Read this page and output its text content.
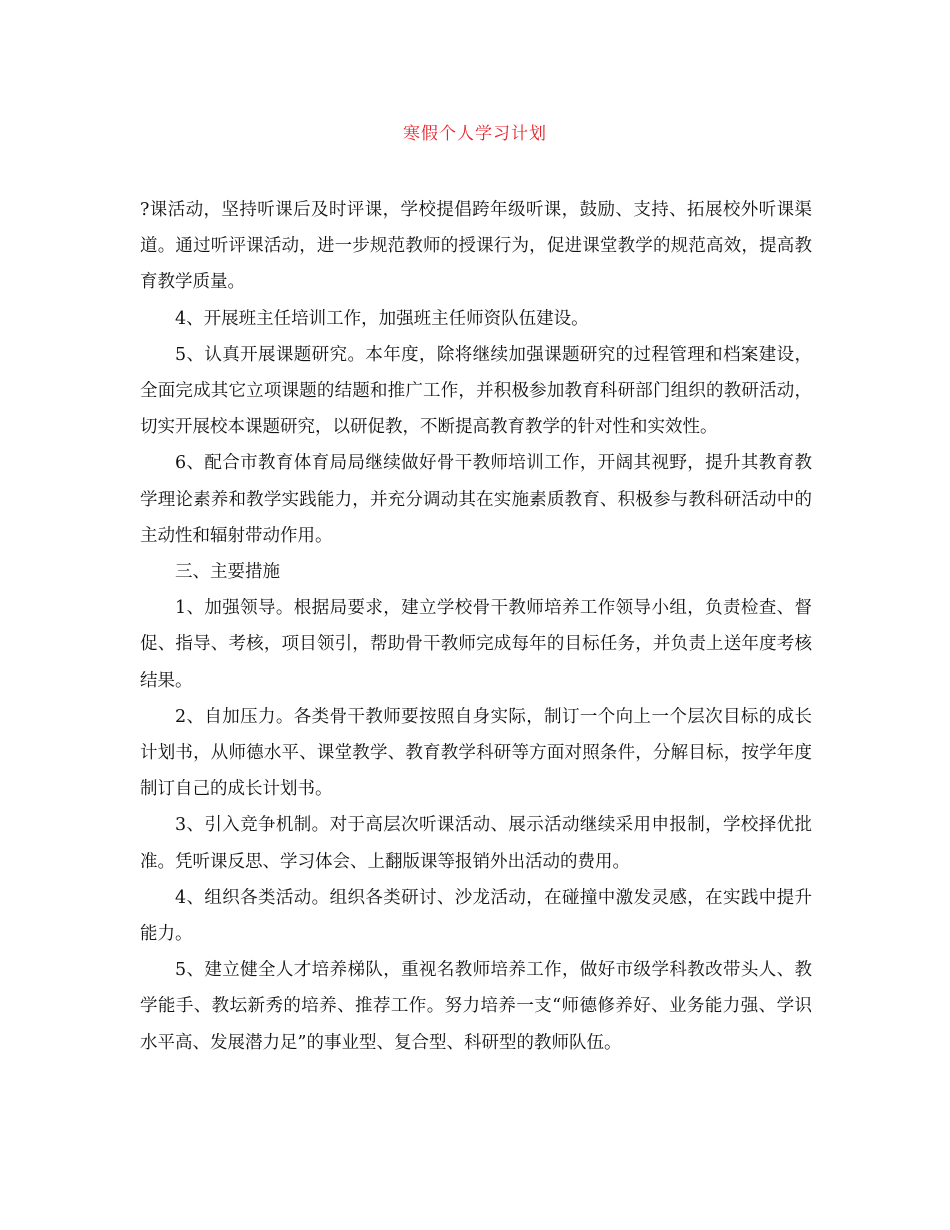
寒假个人学习计划

?课活动，坚持听课后及时评课，学校提倡跨年级听课，鼓励、支持、拓展校外听课渠道。通过听评课活动，进一步规范教师的授课行为，促进课堂教学的规范高效，提高教育教学质量。

4、开展班主任培训工作，加强班主任师资队伍建设。

5、认真开展课题研究。本年度，除将继续加强课题研究的过程管理和档案建设，全面完成其它立项课题的结题和推广工作，并积极参加教育科研部门组织的教研活动，切实开展校本课题研究，以研促教，不断提高教育教学的针对性和实效性。

6、配合市教育体育局局继续做好骨干教师培训工作，开阔其视野，提升其教育教学理论素养和教学实践能力，并充分调动其在实施素质教育、积极参与教科研活动中的主动性和辐射带动作用。

三、主要措施

1、加强领导。根据局要求，建立学校骨干教师培养工作领导小组，负责检查、督促、指导、考核，项目领引，帮助骨干教师完成每年的目标任务，并负责上送年度考核结果。

2、自加压力。各类骨干教师要按照自身实际，制订一个向上一个层次目标的成长计划书，从师德水平、课堂教学、教育教学科研等方面对照条件，分解目标，按学年度制订自己的成长计划书。

3、引入竞争机制。对于高层次听课活动、展示活动继续采用申报制，学校择优批准。凭听课反思、学习体会、上翻版课等报销外出活动的费用。

4、组织各类活动。组织各类研讨、沙龙活动，在碰撞中激发灵感，在实践中提升能力。

5、建立健全人才培养梯队，重视名教师培养工作，做好市级学科教改带头人、教学能手、教坛新秀的培养、推荐工作。努力培养一支“师德修养好、业务能力强、学识水平高、发展潜力足”的事业型、复合型、科研型的教师队伍。
